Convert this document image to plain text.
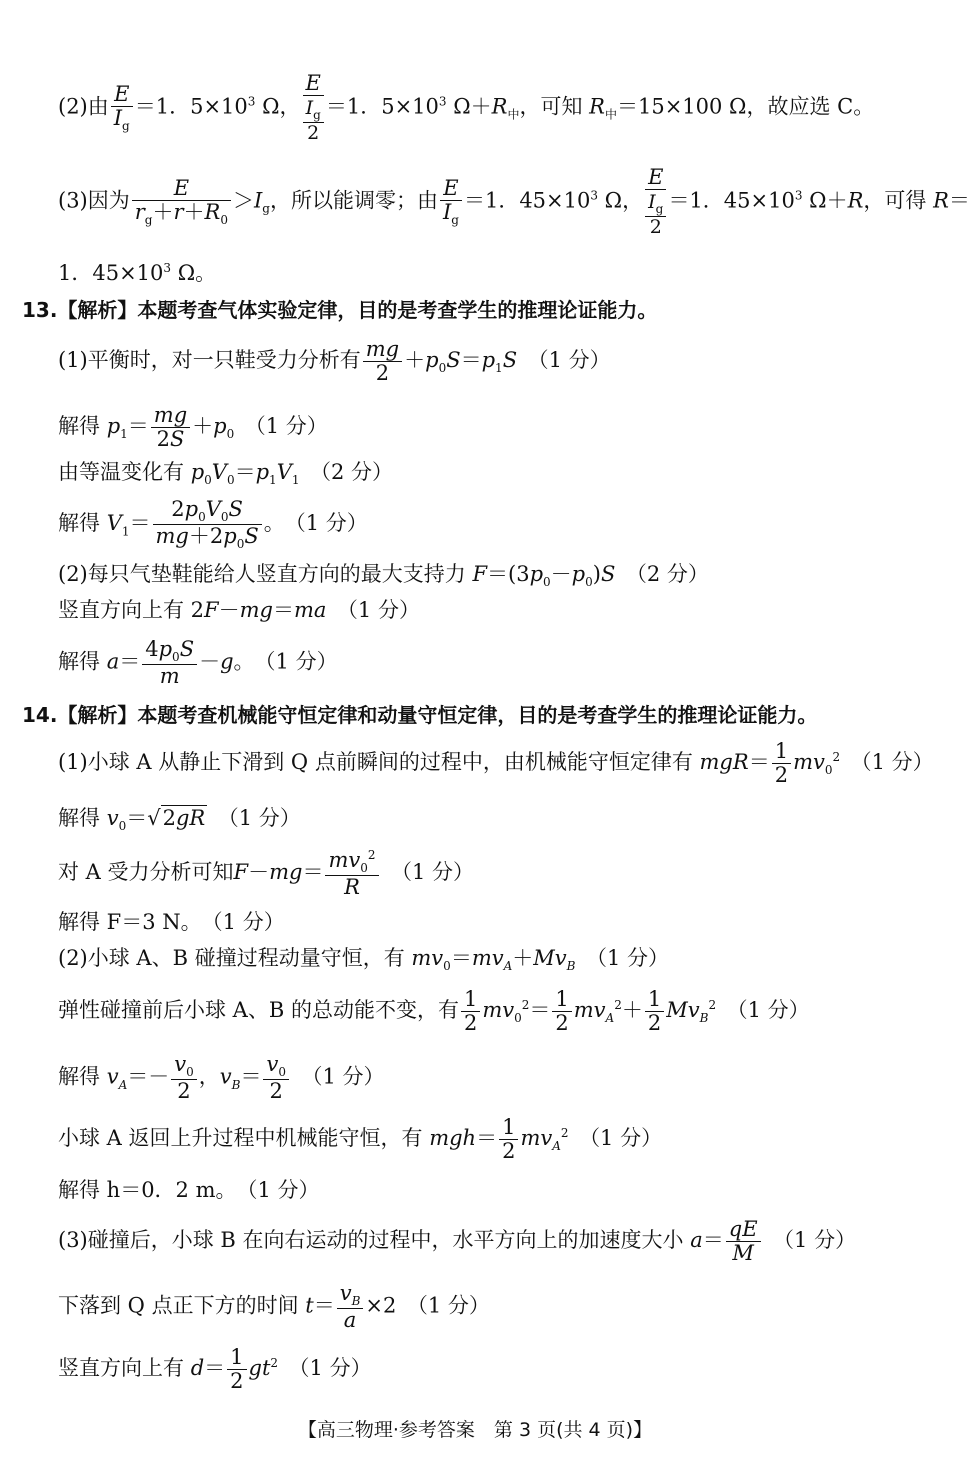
(2)由 $\frac{E}{I_g} =1$．$5\times 10^3$ Ω， $\frac{E}{\frac{I_g}{2}} =1$．$5\times 10^3$ $\Omega+R_中$，可知 $R_中=15\times 100$ Ω，故应选 C。
(3)因为 $\frac{E}{r_g+r+R_0} >I_g$，所以能调零；由 $\frac{E}{I_g} =1$．$45\times 10^3$ Ω， $\frac{E}{\frac{I_g}{2}} =1$．$45\times 10^3$ Ω＋R，可得 R＝
1．$45\times 10^3$ Ω。
13.【解析】本题考查气体实验定律，目的是考查学生的推理论证能力。
(1)平衡时，对一只鞋受力分析有 $\frac{mg}{2} +p_0S=p_1S$　 （1 分）
解得 $p_1= \frac{mg}{2S} +p_0$　 （1 分）
由等温变化有 $p_0V_0=p_1V_1$　 （2 分）
解得 $V_1= \frac{2p_0V_0S}{mg+2p_0S}$ 。　（1 分）
(2)每只气垫鞋能给人竖直方向的最大支持力 $F=(3p_0-p_0)S$　 （2 分）
竖直方向上有 2F－mg＝ma　 （1 分）
解得 $a= \frac{4p_0S}{m} -g$。　（1 分）
14.【解析】本题考查机械能守恒定律和动量守恒定律，目的是考查学生的推理论证能力。
(1)小球 A 从静止下滑到 Q 点前瞬间的过程中，由机械能守恒定律有 $mgR= \frac{1}{2} mv_0^2$　 （1 分）
解得 $v_0=√2gR$　 （1 分）
对 A 受力分析可知$F-mg= \frac{mv_0^2}{R}$
　 （1 分）
解得 F＝3 N。　 （1 分）
(2)小球 A、B 碰撞过程动量守恒，有 $mv_0=mv_A+Mv_B$　 （1 分）
弹性碰撞前后小球 A、B 的总动能不变，有 $\frac{1}{2} mv_0^2= \frac{1}{2} mv_A^2+ \frac{1}{2} Mv_B^2$　 （1 分）
解得 $v_A=- \frac{v_0}{2}$ ，$v_B= \frac{v_0}{2}$
　 （1 分）
小球 A 返回上升过程中机械能守恒，有 $mgh= \frac{1}{2} mv_A^2$　 （1 分）
解得 h＝0．2 m。　 （1 分）
(3)碰撞后，小球 B 在向右运动的过程中，水平方向上的加速度大小 $a= \frac{qE}{M}$
　 （1 分）
下落到 Q 点正下方的时间 $t= \frac{v_B}{a} \times 2$　（1 分）
竖直方向上有 $d= \frac{1}{2} gt^2$　 （1 分）
【高三物理·参考答案　第 3 页(共 4 页)】
